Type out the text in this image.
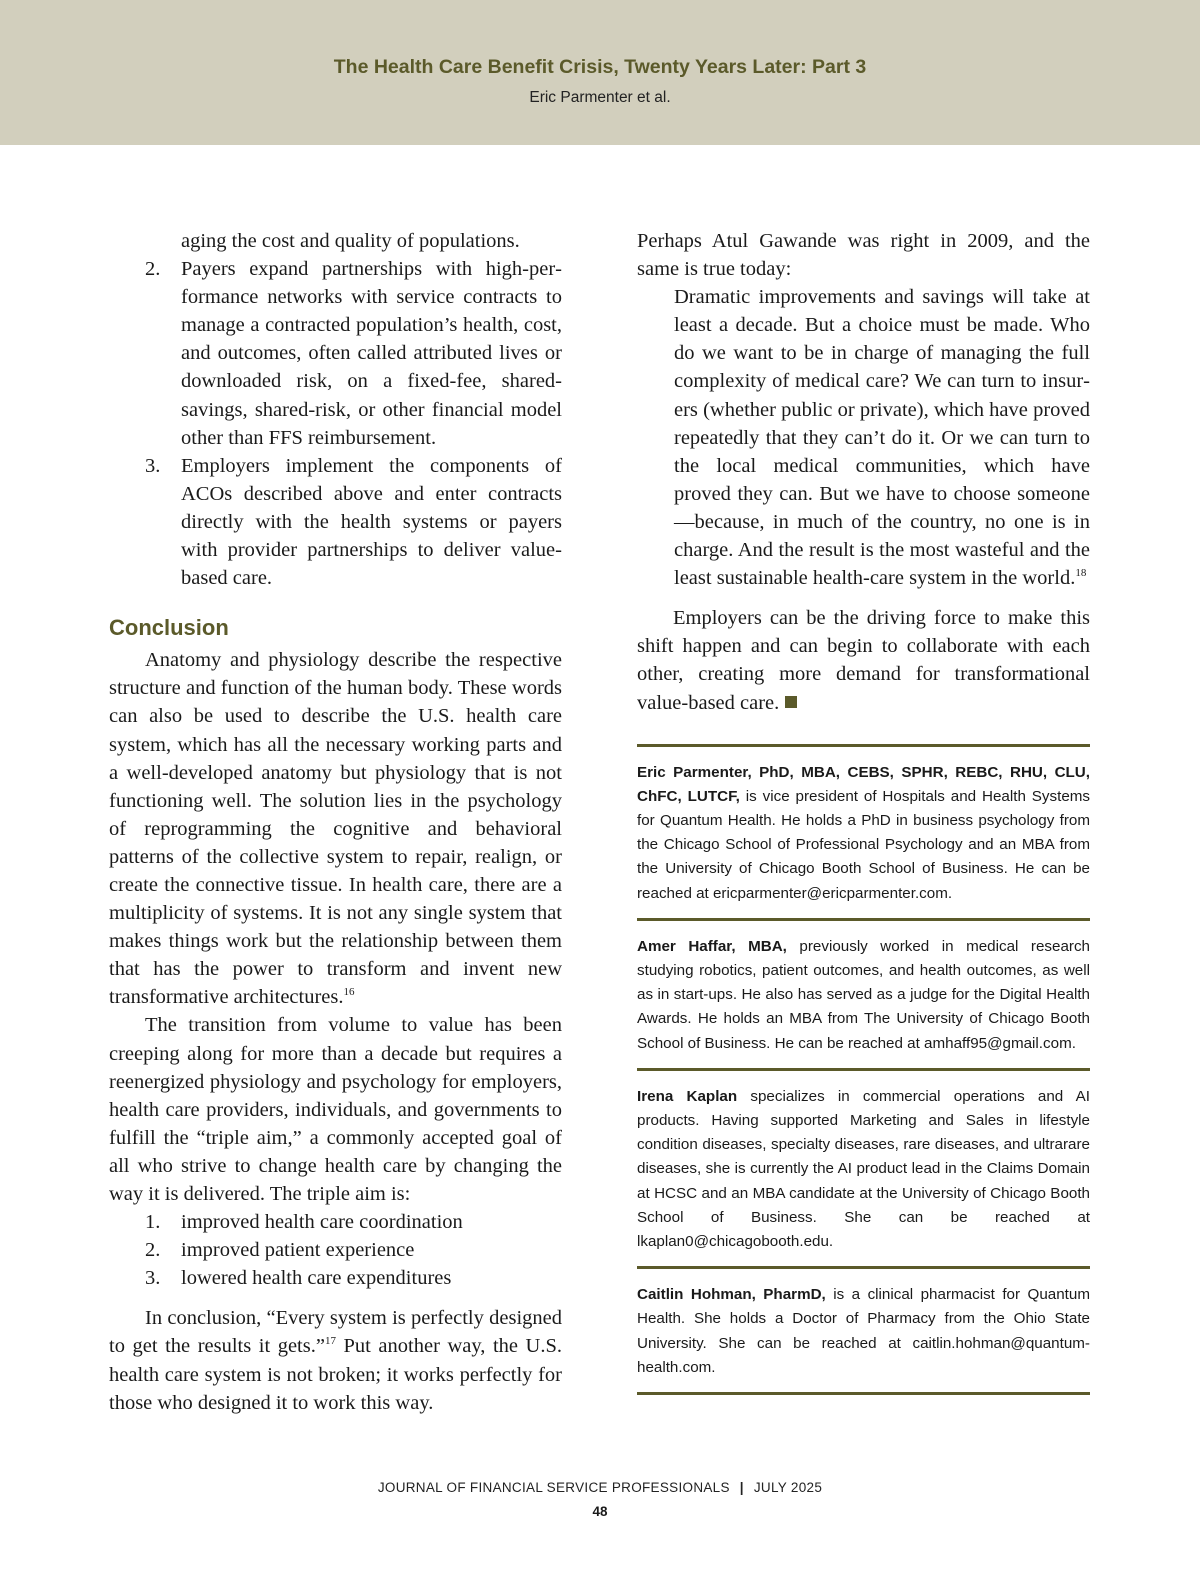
The Health Care Benefit Crisis, Twenty Years Later: Part 3
Eric Parmenter et al.
aging the cost and quality of populations.
2. Payers expand partnerships with high-performance networks with service contracts to manage a contracted population’s health, cost, and outcomes, often called attributed lives or downloaded risk, on a fixed-fee, shared-savings, shared-risk, or other financial model other than FFS reimbursement.
3. Employers implement the components of ACOs described above and enter contracts directly with the health systems or payers with provider partnerships to deliver value-based care.
Conclusion

Anatomy and physiology describe the respective structure and function of the human body. These words can also be used to describe the U.S. health care system, which has all the necessary working parts and a well-developed anatomy but physiology that is not functioning well. The solution lies in the psychology of reprogramming the cognitive and behavioral patterns of the collective system to repair, realign, or create the connective tissue. In health care, there are a multiplicity of systems. It is not any single system that makes things work but the relationship between them that has the power to transform and invent new transformative architectures.$^{16}$

The transition from volume to value has been creeping along for more than a decade but requires a reenergized physiology and psychology for employers, health care providers, individuals, and governments to fulfill the “triple aim,” a commonly accepted goal of all who strive to change health care by changing the way it is delivered. The triple aim is:

1. improved health care coordination
2. improved patient experience
3. lowered health care expenditures

In conclusion, “Every system is perfectly designed to get the results it gets.”$^{17}$ Put another way, the U.S. health care system is not broken; it works perfectly for those who designed it to work this way.

Perhaps Atul Gawande was right in 2009, and the same is true today:

Dramatic improvements and savings will take at least a decade. But a choice must be made. Who do we want to be in charge of managing the full complexity of medical care? We can turn to insurers (whether public or private), which have proved repeatedly that they can’t do it. Or we can turn to the local medical communities, which have proved they can. But we have to choose someone—because, in much of the country, no one is in charge. And the result is the most wasteful and the least sustainable health-care system in the world.$^{18}$

Employers can be the driving force to make this shift happen and can begin to collaborate with each other, creating more demand for transformational value-based care.

Eric Parmenter, PhD, MBA, CEBS, SPHR, REBC, RHU, CLU, ChFC, LUTCF, is vice president of Hospitals and Health Systems for Quantum Health. He holds a PhD in business psychology from the Chicago School of Professional Psychology and an MBA from the University of Chicago Booth School of Business. He can be reached at ericparmenter@ericparmenter.com.
Amer Haffar, MBA, previously worked in medical research studying robotics, patient outcomes, and health outcomes, as well as in start-ups. He also has served as a judge for the Digital Health Awards. He holds an MBA from The University of Chicago Booth School of Business. He can be reached at amhaff95@gmail.com.
Irena Kaplan specializes in commercial operations and AI products. Having supported Marketing and Sales in lifestyle condition diseases, specialty diseases, rare diseases, and ultrarare diseases, she is currently the AI product lead in the Claims Domain at HCSC and an MBA candidate at the University of Chicago Booth School of Business. She can be reached at lkaplan0@chicagobooth.edu.
Caitlin Hohman, PharmD, is a clinical pharmacist for Quantum Health. She holds a Doctor of Pharmacy from the Ohio State University. She can be reached at caitlin.hohman@quantum-health.com.
JOURNAL OF FINANCIAL SERVICE PROFESSIONALS | JULY 2025
48
